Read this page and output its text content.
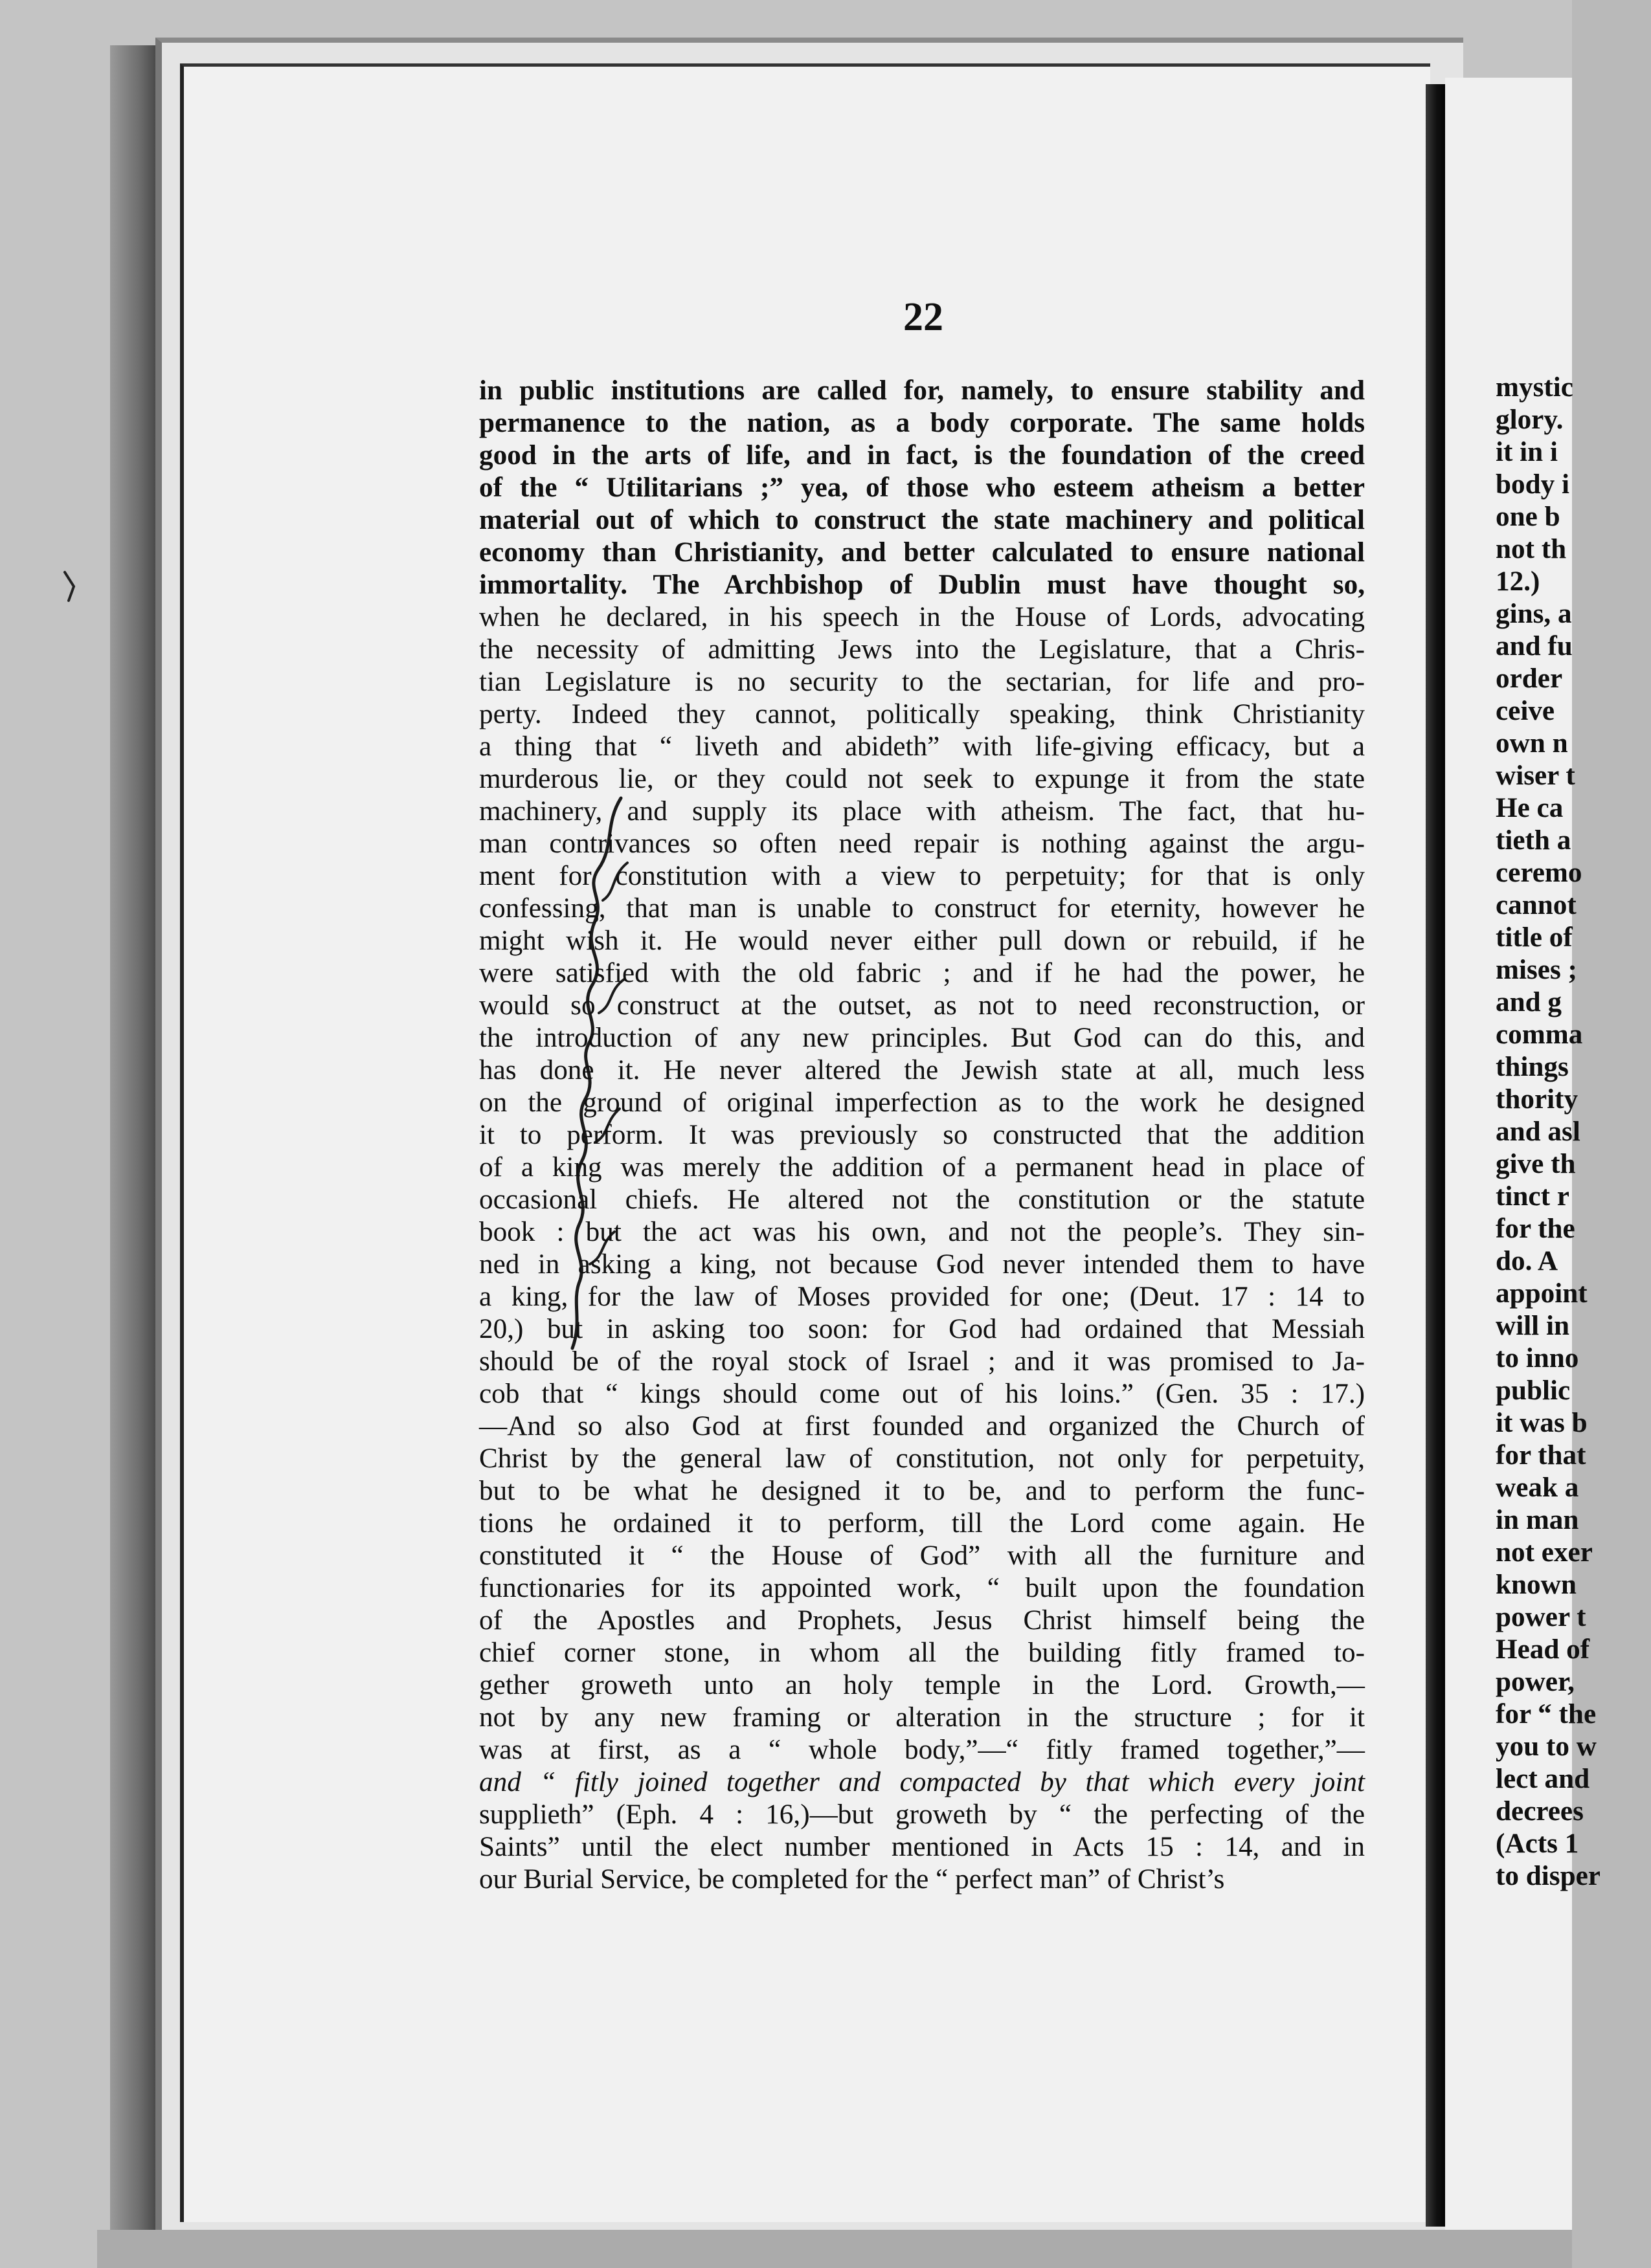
22
in public institutions are called for, namely, to ensure stability and
permanence to the nation, as a body corporate. The same holds
good in the arts of life, and in fact, is the foundation of the creed
of the “ Utilitarians ;” yea, of those who esteem atheism a better
material out of which to construct the state machinery and political
economy than Christianity, and better calculated to ensure national
immortality. The Archbishop of Dublin must have thought so,
when he declared, in his speech in the House of Lords, advocating
the necessity of admitting Jews into the Legislature, that a Chris-
tian Legislature is no security to the sectarian, for life and pro-
perty. Indeed they cannot, politically speaking, think Christianity
a thing that “ liveth and abideth” with life-giving efficacy, but a
murderous lie, or they could not seek to expunge it from the state
machinery, and supply its place with atheism. The fact, that hu-
man contrivances so often need repair is nothing against the argu-
ment for constitution with a view to perpetuity; for that is only
confessing, that man is unable to construct for eternity, however he
might wish it. He would never either pull down or rebuild, if he
were satisfied with the old fabric ; and if he had the power, he
would so construct at the outset, as not to need reconstruction, or
the introduction of any new principles. But God can do this, and
has done it. He never altered the Jewish state at all, much less
on the ground of original imperfection as to the work he designed
it to perform. It was previously so constructed that the addition
of a king was merely the addition of a permanent head in place of
occasional chiefs. He altered not the constitution or the statute
book : but the act was his own, and not the people’s. They sin-
ned in asking a king, not because God never intended them to have
a king, for the law of Moses provided for one; (Deut. 17 : 14 to
20,) but in asking too soon: for God had ordained that Messiah
should be of the royal stock of Israel ; and it was promised to Ja-
cob that “ kings should come out of his loins.” (Gen. 35 : 17.)
—And so also God at first founded and organized the Church of
Christ by the general law of constitution, not only for perpetuity,
but to be what he designed it to be, and to perform the func-
tions he ordained it to perform, till the Lord come again. He
constituted it “ the House of God” with all the furniture and
functionaries for its appointed work, “ built upon the foundation
of the Apostles and Prophets, Jesus Christ himself being the
chief corner stone, in whom all the building fitly framed to-
gether groweth unto an holy temple in the Lord. Growth,—
not by any new framing or alteration in the structure ; for it
was at first, as a “ whole body,”—“ fitly framed together,”—
and “ fitly joined together and compacted by that which every joint
supplieth” (Eph. 4 : 16,)—but groweth by “ the perfecting of the
Saints” until the elect number mentioned in Acts 15 : 14, and in
our Burial Service, be completed for the “ perfect man” of Christ’s
mystic
glory.
it in i
body i
one b
not th
12.)
gins, a
and fu
order
ceive
own n
wiser t
He ca
tieth a
ceremo
cannot
title of
mises ;
and g
comma
things
thority
and asl
give th
tinct r
for the
do. A
appoint
will in
to inno
public
it was b
for that
weak a
in man
not exer
known
power t
Head of
power,
for “ the
you to w
lect and
decrees
(Acts 1
to disper
